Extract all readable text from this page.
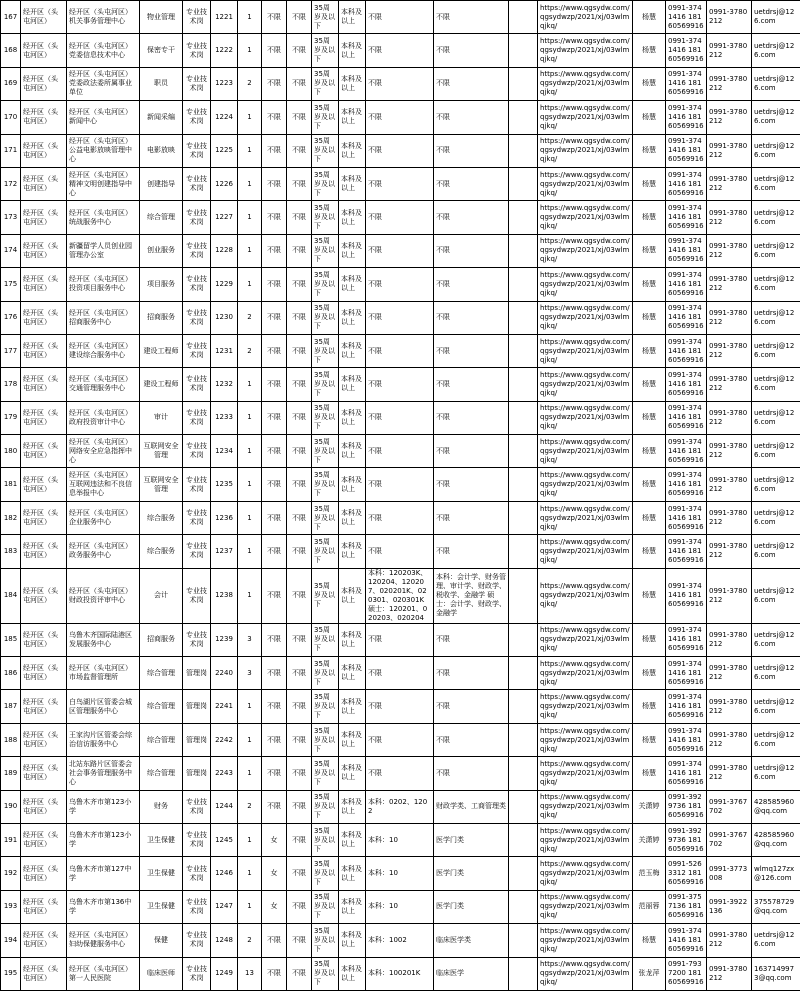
167	经开区（头屯河区）	经开区（头屯河区）机关事务管理中心	物业管理	专业技术岗	1221	1	不限	不限	35周岁及以下	本科及以上	不限	不限		https://www.qgsydw.com/qgsydwzp/2021/xj/03wlmqjkq/	杨慧	0991-3741416 18160569916	0991-3780212	uetdrsj@126.com
168	经开区（头屯河区）	经开区（头屯河区）党委信息技术中心	保密专干	专业技术岗	1222	1	不限	不限	35周岁及以下	本科及以上	不限	不限		https://www.qgsydw.com/qgsydwzp/2021/xj/03wlmqjkq/	杨慧	0991-3741416 18160569916	0991-3780212	uetdrsj@126.com
169	经开区（头屯河区）	经开区（头屯河区）党委政法委所属事业单位	职员	专业技术岗	1223	2	不限	不限	35周岁及以下	本科及以上	不限	不限		https://www.qgsydw.com/qgsydwzp/2021/xj/03wlmqjkq/	杨慧	0991-3741416 18160569916	0991-3780212	uetdrsj@126.com
170	经开区（头屯河区）	经开区（头屯河区）新闻中心	新闻采编	专业技术岗	1224	1	不限	不限	35周岁及以下	本科及以上	不限	不限		https://www.qgsydw.com/qgsydwzp/2021/xj/03wlmqjkq/	杨慧	0991-3741416 18160569916	0991-3780212	uetdrsj@126.com
171	经开区（头屯河区）	经开区（头屯河区）公益电影放映管理中心	电影放映	专业技术岗	1225	1	不限	不限	35周岁及以下	本科及以上	不限	不限		https://www.qgsydw.com/qgsydwzp/2021/xj/03wlmqjkq/	杨慧	0991-3741416 18160569916	0991-3780212	uetdrsj@126.com
172	经开区（头屯河区）	经开区（头屯河区）精神文明创建指导中心	创建指导	专业技术岗	1226	1	不限	不限	35周岁及以下	本科及以上	不限	不限		https://www.qgsydw.com/qgsydwzp/2021/xj/03wlmqjkq/	杨慧	0991-3741416 18160569916	0991-3780212	uetdrsj@126.com
173	经开区（头屯河区）	经开区（头屯河区）统战服务中心	综合管理	专业技术岗	1227	1	不限	不限	35周岁及以下	本科及以上	不限	不限		https://www.qgsydw.com/qgsydwzp/2021/xj/03wlmqjkq/	杨慧	0991-3741416 18160569916	0991-3780212	uetdrsj@126.com
174	经开区（头屯河区）	新疆留学人员创业园管理办公室	创业服务	专业技术岗	1228	1	不限	不限	35周岁及以下	本科及以上	不限	不限		https://www.qgsydw.com/qgsydwzp/2021/xj/03wlmqjkq/	杨慧	0991-3741416 18160569916	0991-3780212	uetdrsj@126.com
175	经开区（头屯河区）	经开区（头屯河区）投资项目服务中心	项目服务	专业技术岗	1229	1	不限	不限	35周岁及以下	本科及以上	不限	不限		https://www.qgsydw.com/qgsydwzp/2021/xj/03wlmqjkq/	杨慧	0991-3741416 18160569916	0991-3780212	uetdrsj@126.com
176	经开区（头屯河区）	经开区（头屯河区）招商服务中心	招商服务	专业技术岗	1230	2	不限	不限	35周岁及以下	本科及以上	不限	不限		https://www.qgsydw.com/qgsydwzp/2021/xj/03wlmqjkq/	杨慧	0991-3741416 18160569916	0991-3780212	uetdrsj@126.com
177	经开区（头屯河区）	经开区（头屯河区）建设综合服务中心	建设工程师	专业技术岗	1231	2	不限	不限	35周岁及以下	本科及以上	不限	不限		https://www.qgsydw.com/qgsydwzp/2021/xj/03wlmqjkq/	杨慧	0991-3741416 18160569916	0991-3780212	uetdrsj@126.com
178	经开区（头屯河区）	经开区（头屯河区）交通管理服务中心	建设工程师	专业技术岗	1232	1	不限	不限	35周岁及以下	本科及以上	不限	不限		https://www.qgsydw.com/qgsydwzp/2021/xj/03wlmqjkq/	杨慧	0991-3741416 18160569916	0991-3780212	uetdrsj@126.com
179	经开区（头屯河区）	经开区（头屯河区）政府投资审计中心	审计	专业技术岗	1233	1	不限	不限	35周岁及以下	本科及以上	不限	不限		https://www.qgsydw.com/qgsydwzp/2021/xj/03wlmqjkq/	杨慧	0991-3741416 18160569916	0991-3780212	uetdrsj@126.com
180	经开区（头屯河区）	经开区（头屯河区）网络安全应急指挥中心	互联网安全管理	专业技术岗	1234	1	不限	不限	35周岁及以下	本科及以上	不限	不限		https://www.qgsydw.com/qgsydwzp/2021/xj/03wlmqjkq/	杨慧	0991-3741416 18160569916	0991-3780212	uetdrsj@126.com
181	经开区（头屯河区）	经开区（头屯河区）互联网违法和不良信息举报中心	互联网安全管理	专业技术岗	1235	1	不限	不限	35周岁及以下	本科及以上	不限	不限		https://www.qgsydw.com/qgsydwzp/2021/xj/03wlmqjkq/	杨慧	0991-3741416 18160569916	0991-3780212	uetdrsj@126.com
182	经开区（头屯河区）	经开区（头屯河区）企业服务中心	综合服务	专业技术岗	1236	1	不限	不限	35周岁及以下	本科及以上	不限	不限		https://www.qgsydw.com/qgsydwzp/2021/xj/03wlmqjkq/	杨慧	0991-3741416 18160569916	0991-3780212	uetdrsj@126.com
183	经开区（头屯河区）	经开区（头屯河区）政务服务中心	综合服务	专业技术岗	1237	1	不限	不限	35周岁及以下	本科及以上	不限	不限		https://www.qgsydw.com/qgsydwzp/2021/xj/03wlmqjkq/	杨慧	0991-3741416 18160569916	0991-3780212	uetdrsj@126.com
184	经开区（头屯河区）	经开区（头屯河区）财政投资评审中心	会计	专业技术岗	1238	1	不限	不限	35周岁及以下	本科及以上	本科：120203K、120204、120207、020201K、020301、020301K 硕士：120201、020203、020204	本科：会计学、财务管理、审计学、财政学、税收学、金融学 硕士：会计学、财政学、金融学		https://www.qgsydw.com/qgsydwzp/2021/xj/03wlmqjkq/	杨慧	0991-3741416 18160569916	0991-3780212	uetdrsj@126.com
185	经开区（头屯河区）	乌鲁木齐国际陆港区发展服务中心	招商服务	专业技术岗	1239	3	不限	不限	35周岁及以下	本科及以上	不限	不限		https://www.qgsydw.com/qgsydwzp/2021/xj/03wlmqjkq/	杨慧	0991-3741416 18160569916	0991-3780212	uetdrsj@126.com
186	经开区（头屯河区）	经开区（头屯河区）市场监督管理所	综合管理	管理岗	2240	3	不限	不限	35周岁及以下	本科及以上	不限	不限		https://www.qgsydw.com/qgsydwzp/2021/xj/03wlmqjkq/	杨慧	0991-3741416 18160569916	0991-3780212	uetdrsj@126.com
187	经开区（头屯河区）	白鸟湖片区管委会城区管理服务中心	综合管理	管理岗	2241	1	不限	不限	35周岁及以下	本科及以上	不限	不限		https://www.qgsydw.com/qgsydwzp/2021/xj/03wlmqjkq/	杨慧	0991-3741416 18160569916	0991-3780212	uetdrsj@126.com
188	经开区（头屯河区）	王家沟片区管委会综治信访服务中心	综合管理	管理岗	2242	1	不限	不限	35周岁及以下	本科及以上	不限	不限		https://www.qgsydw.com/qgsydwzp/2021/xj/03wlmqjkq/	杨慧	0991-3741416 18160569916	0991-3780212	uetdrsj@126.com
189	经开区（头屯河区）	北站东路片区管委会社会事务管理服务中心	综合管理	管理岗	2243	1	不限	不限	35周岁及以下	本科及以上	不限	不限		https://www.qgsydw.com/qgsydwzp/2021/xj/03wlmqjkq/	杨慧	0991-3741416 18160569916	0991-3780212	uetdrsj@126.com
190	经开区（头屯河区）	乌鲁木齐市第123小学	财务	专业技术岗	1244	2	不限	不限	35周岁及以下	本科及以上	本科：0202、1202	财政学类、工商管理类		https://www.qgsydw.com/qgsydwzp/2021/xj/03wlmqjkq/	关潇婷	0991-3929736 18160569916	0991-3767702	428585960@qq.com
191	经开区（头屯河区）	乌鲁木齐市第123小学	卫生保健	专业技术岗	1245	1	女	不限	35周岁及以下	本科及以上	本科：10	医学门类		https://www.qgsydw.com/qgsydwzp/2021/xj/03wlmqjkq/	关潇婷	0991-3929736 18160569916	0991-3767702	428585960@qq.com
192	经开区（头屯河区）	乌鲁木齐市第127中学	卫生保健	专业技术岗	1246	1	女	不限	35周岁及以下	本科及以上	本科：10	医学门类		https://www.qgsydw.com/qgsydwzp/2021/xj/03wlmqjkq/	范玉梅	0991-5263312 18160569916	0991-3773008	wlmq127zx@126.com
193	经开区（头屯河区）	乌鲁木齐市第136中学	卫生保健	专业技术岗	1247	1	女	不限	35周岁及以下	本科及以上	本科：10	医学门类		https://www.qgsydw.com/qgsydwzp/2021/xj/03wlmqjkq/	范丽蓉	0991-3757136 18160569916	0991-3922136	375578729@qq.com
194	经开区（头屯河区）	经开区（头屯河区）妇幼保健服务中心	保健	专业技术岗	1248	2	不限	不限	35周岁及以下	本科及以上	本科：1002	临床医学类		https://www.qgsydw.com/qgsydwzp/2021/xj/03wlmqjkq/	杨慧	0991-3741416 18160569916	0991-3780212	uetdrsj@126.com
195	经开区（头屯河区）	经开区（头屯河区）第一人民医院	临床医师	专业技术岗	1249	13	不限	不限	35周岁及以下	本科及以上	本科：100201K	临床医学		https://www.qgsydw.com/qgsydwzp/2021/xj/03wlmqjkq/	张龙萍	0991-7937200 18160569916	0991-3780212	1637149973@qq.com
